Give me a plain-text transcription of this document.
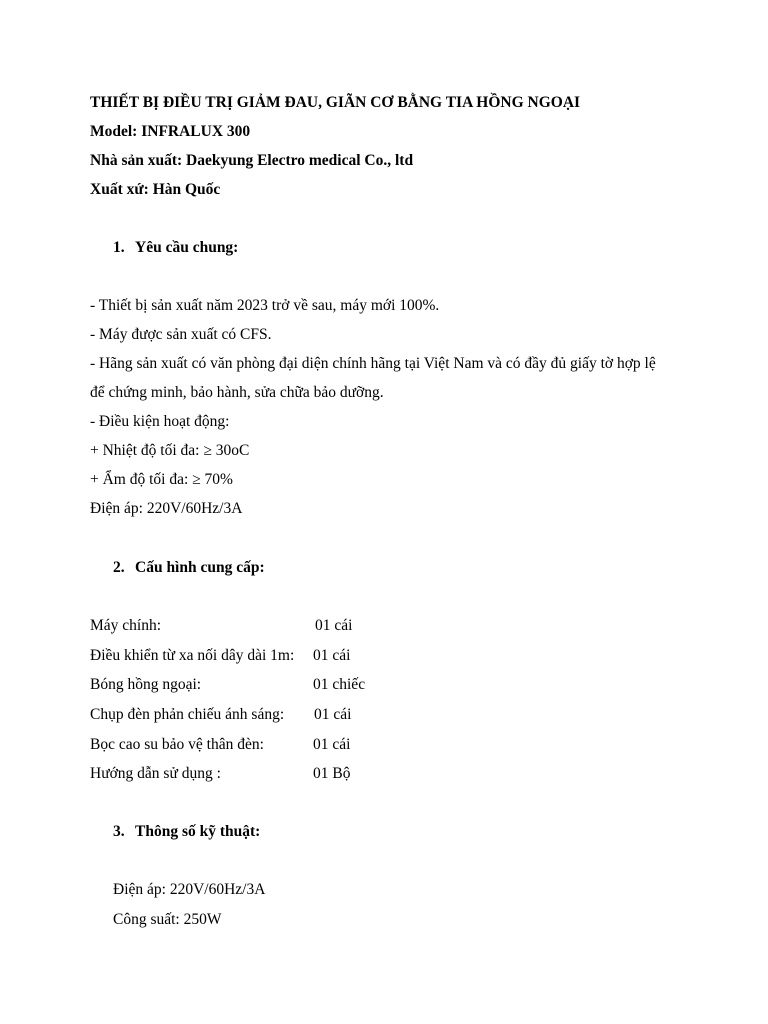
THIẾT BỊ ĐIỀU TRỊ GIẢM ĐAU, GIÃN CƠ BẰNG TIA HỒNG NGOẠI
Model: INFRALUX 300
Nhà sản xuất: Daekyung Electro medical Co., ltd
Xuất xứ: Hàn Quốc
1. Yêu cầu chung:
- Thiết bị sản xuất năm 2023 trở về sau, máy mới 100%.
- Máy được sản xuất có CFS.
- Hãng sản xuất có văn phòng đại diện chính hãng tại Việt Nam và có đầy đủ giấy tờ hợp lệ
để chứng minh, bảo hành, sửa chữa bảo dưỡng.
- Điều kiện hoạt động:
+ Nhiệt độ tối đa: ≥ 30oC
+ Ẩm độ tối đa: ≥ 70%
Điện áp: 220V/60Hz/3A
2. Cấu hình cung cấp:
Máy chính:	01 cái
Điều khiển từ xa nối dây dài 1m: 01 cái
Bóng hồng ngoại:	01 chiếc
Chụp đèn phản chiếu ánh sáng: 01 cái
Bọc cao su bảo vệ thân đèn:	01 cái
Hướng dẫn sử dụng :	01 Bộ
3. Thông số kỹ thuật:
Điện áp: 220V/60Hz/3A
Công suất: 250W
